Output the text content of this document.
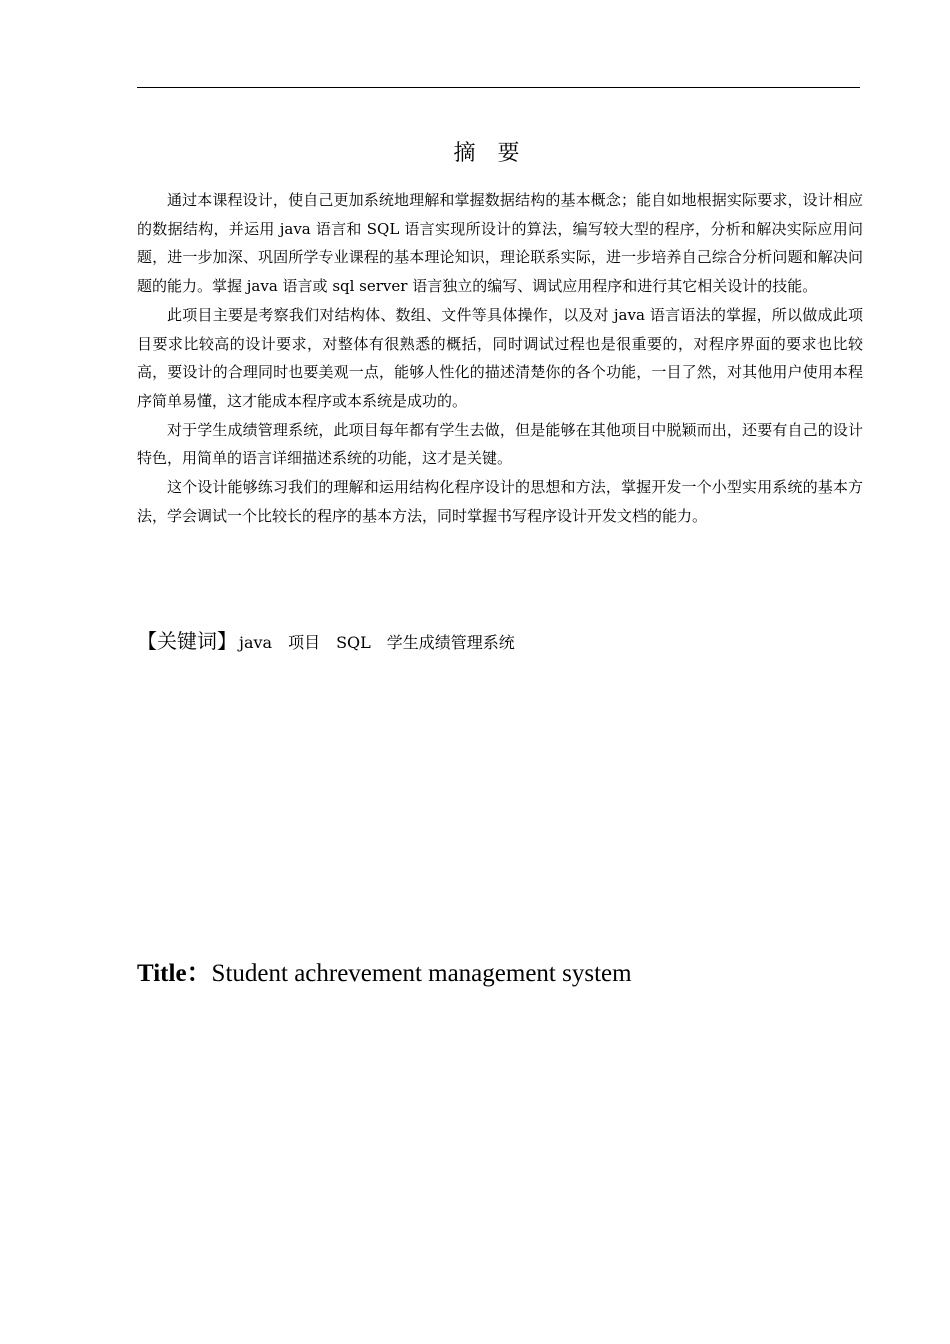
摘要

通过本课程设计，使自己更加系统地理解和掌握数据结构的基本概念；能自如地根据实际要求，设计相应的数据结构，并运用 java 语言和 SQL 语言实现所设计的算法，编写较大型的程序，分析和解决实际应用问题，进一步加深、巩固所学专业课程的基本理论知识，理论联系实际，进一步培养自己综合分析问题和解决问题的能力。掌握 java 语言或 sql server 语言独立的编写、调试应用程序和进行其它相关设计的技能。

此项目主要是考察我们对结构体、数组、文件等具体操作，以及对 java 语言语法的掌握，所以做成此项目要求比较高的设计要求，对整体有很熟悉的概括，同时调试过程也是很重要的，对程序界面的要求也比较高，要设计的合理同时也要美观一点，能够人性化的描述清楚你的各个功能，一目了然，对其他用户使用本程序简单易懂，这才能成本程序或本系统是成功的。

对于学生成绩管理系统，此项目每年都有学生去做，但是能够在其他项目中脱颖而出，还要有自己的设计特色，用简单的语言详细描述系统的功能，这才是关键。

这个设计能够练习我们的理解和运用结构化程序设计的思想和方法，掌握开发一个小型实用系统的基本方法，学会调试一个比较长的程序的基本方法，同时掌握书写程序设计开发文档的能力。

【关键词】 java 项目 SQL 学生成绩管理系统
Title：Student achrevement management system
